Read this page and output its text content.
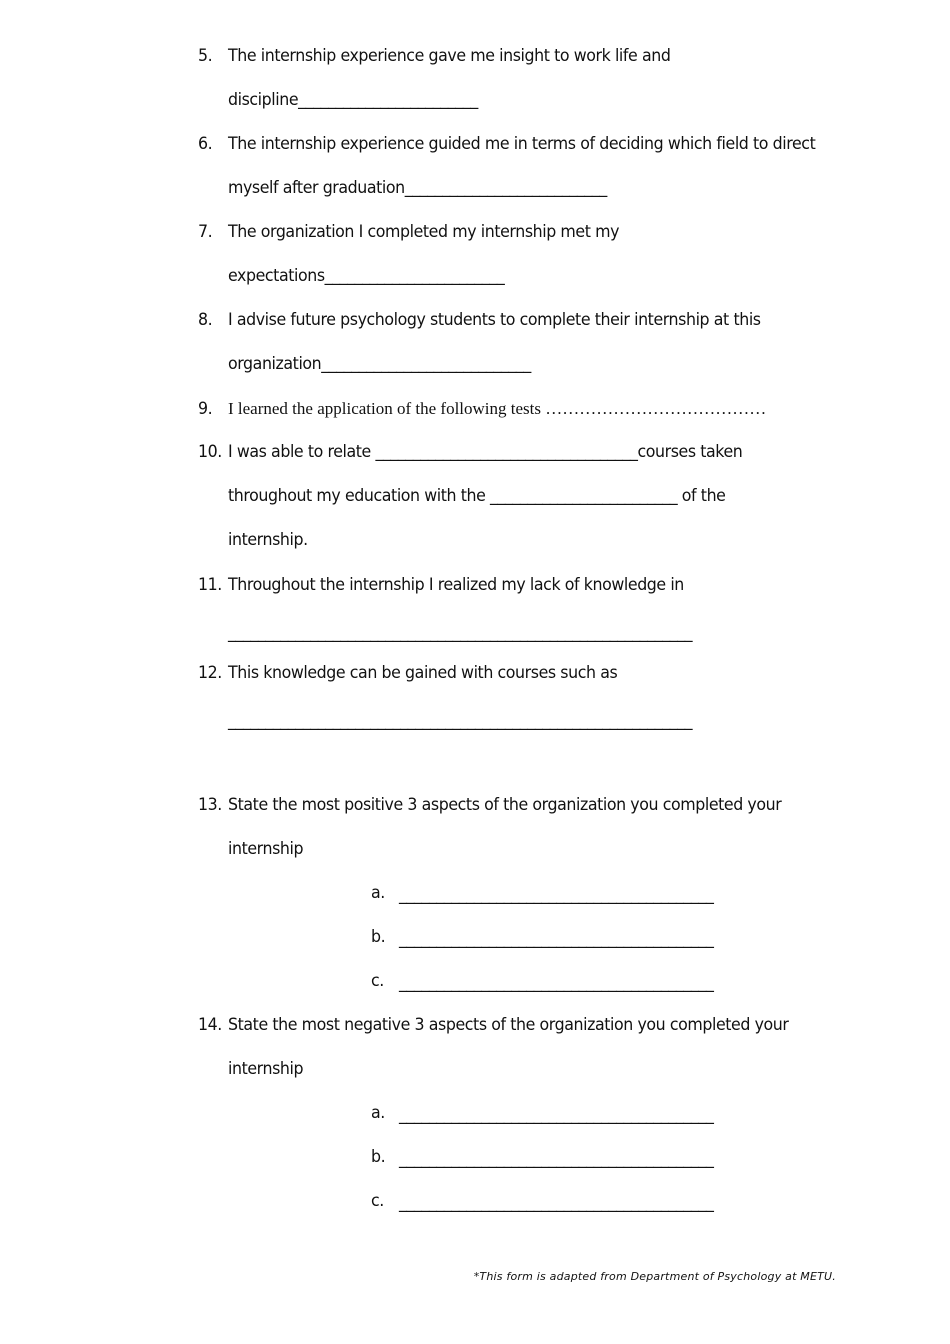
5. The internship experience gave me insight to work life and
discipline________________________
6. The internship experience guided me in terms of deciding which field to direct
myself after graduation___________________________
7. The organization I completed my internship met my
expectations________________________
8. I advise future psychology students to complete their internship at this
organization____________________________
9. I learned the application of the following tests …………………………………
10. I was able to relate ___________________________________courses taken
throughout my education with the _________________________ of the
internship.
11. Throughout the internship I realized my lack of knowledge in
______________________________________________________________
12. This knowledge can be gained with courses such as
______________________________________________________________
13. State the most positive 3 aspects of the organization you completed your
internship
a. __________________________________________
b. __________________________________________
c. __________________________________________
14. State the most negative 3 aspects of the organization you completed your
internship
a. __________________________________________
b. __________________________________________
c. __________________________________________
*This form is adapted from Department of Psychology at METU.
